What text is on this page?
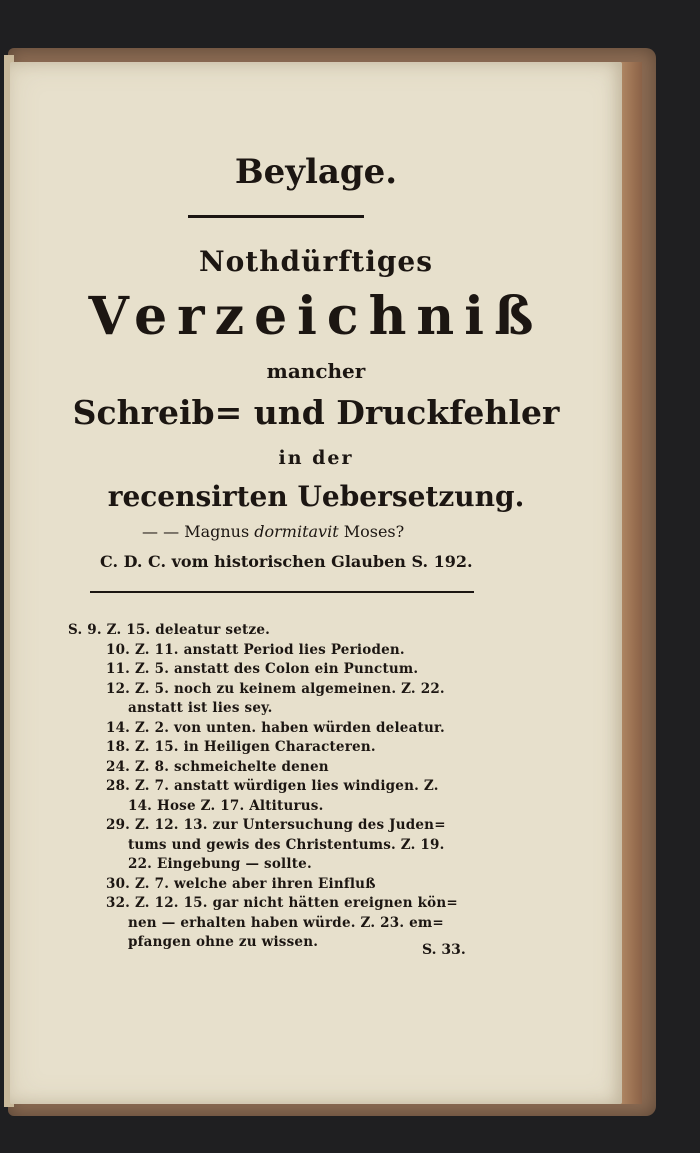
Beylage.
Nothdürftiges
Verzeichniß
mancher
Schreib= und Druckfehler
in der
recensirten Uebersetzung.
— — Magnus dormitavit Moses?
C. D. C. vom historischen Glauben S. 192.
S. 9. Z. 15. deleatur setze.
10. Z. 11. anstatt Period lies Perioden.
11. Z. 5. anstatt des Colon ein Punctum.
12. Z. 5. noch zu keinem algemeinen. Z. 22.
anstatt ist lies sey.
14. Z. 2. von unten. haben würden deleatur.
18. Z. 15. in Heiligen Characteren.
24. Z. 8. schmeichelte denen
28. Z. 7. anstatt würdigen lies windigen. Z.
14. Hose Z. 17. Altiturus.
29. Z. 12. 13. zur Untersuchung des Juden=
tums und gewis des Christentums. Z. 19.
22. Eingebung — sollte.
30. Z. 7. welche aber ihren Einfluß
32. Z. 12. 15. gar nicht hätten ereignen kön=
nen — erhalten haben würde. Z. 23. em=
pfangen ohne zu wissen.	S. 33.
